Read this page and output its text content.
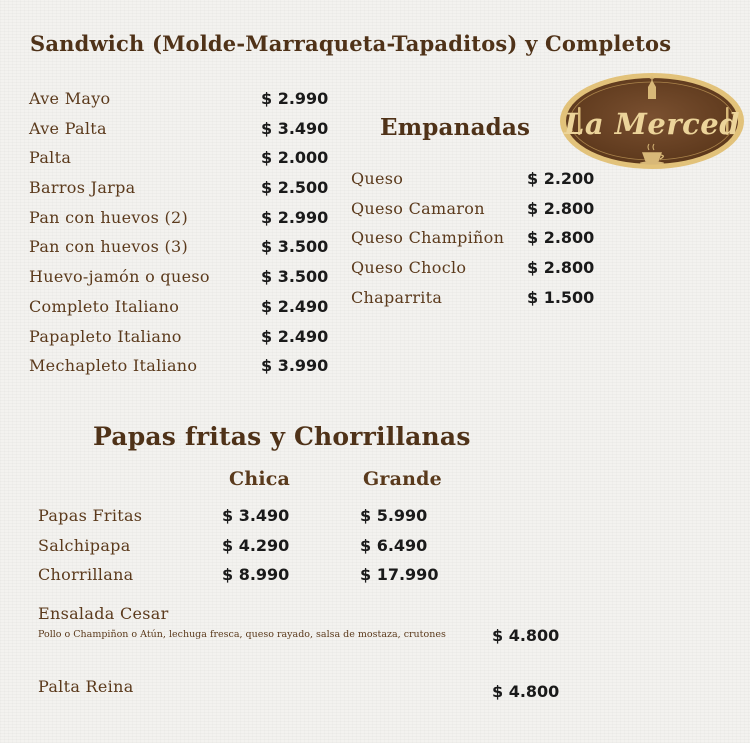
Sandwich (Molde-Marraqueta-Tapaditos) y Completos
Ave Mayo	$ 2.990
Ave Palta	$ 3.490
Palta	$ 2.000
Barros Jarpa	$ 2.500
Pan con huevos (2)	$ 2.990
Pan con huevos (3)	$ 3.500
Huevo-jamón o queso	$ 3.500
Completo Italiano	$ 2.490
Papapleto Italiano	$ 2.490
Mechapleto Italiano	$ 3.990
Empanadas
Queso	$ 2.200
Queso Camaron	$ 2.800
Queso Champiñon $ 2.800
Queso Choclo	$ 2.800
Chaparrita	$ 1.500
La Merced
Papas fritas y Chorrillanas
Chica	Grande
Papas Fritas	$ 3.490	$ 5.990
Salchipapa	$ 4.290	$ 6.490
Chorrillana	$ 8.990	$ 17.990
Ensalada Cesar
Pollo o Champiñon o Atún, lechuga fresca, queso rayado, salsa de mostaza, crutones	$ 4.800
Palta Reina	$ 4.800
